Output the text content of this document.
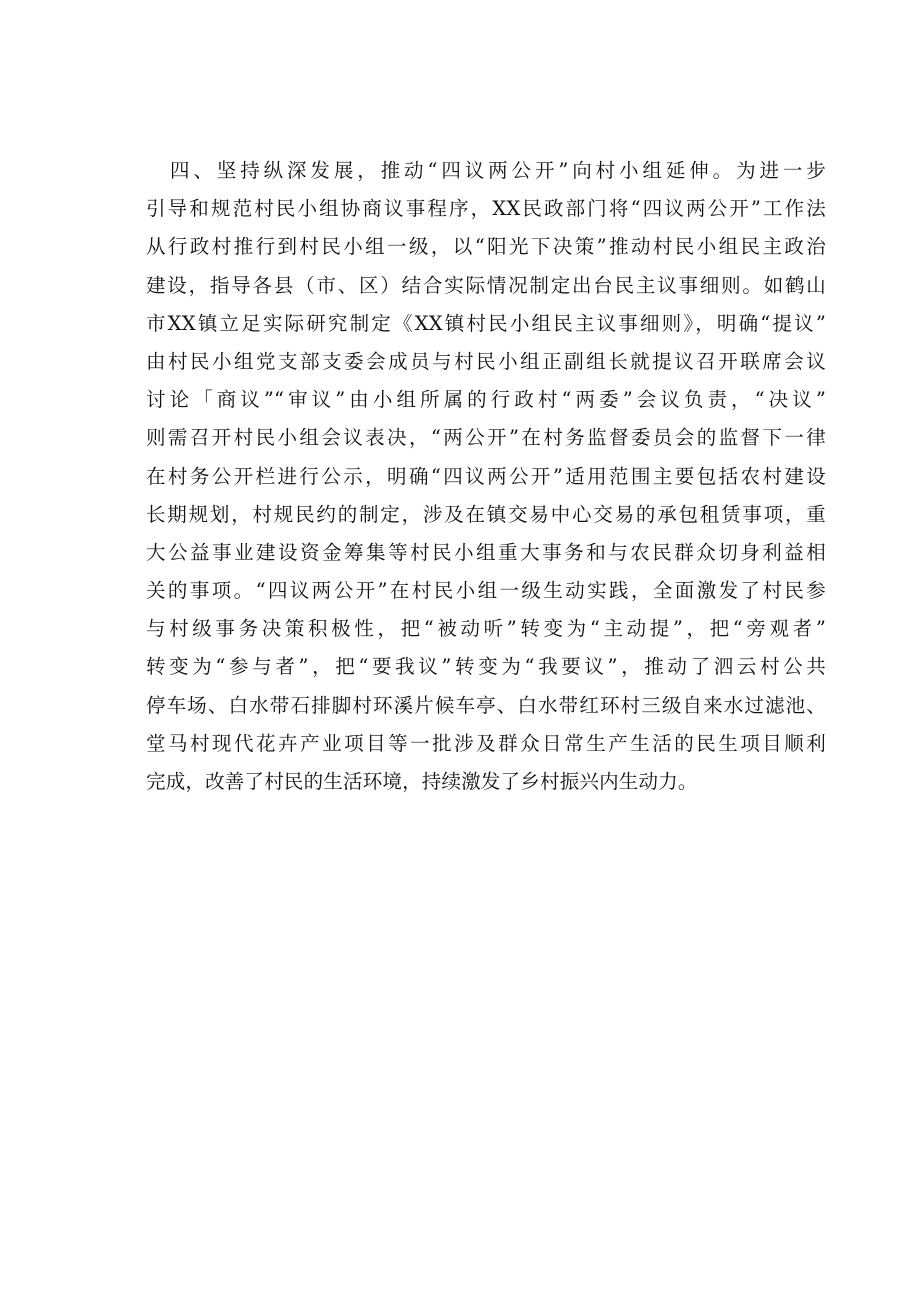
四、坚持纵深发展，推动“四议两公开”向村小组延伸。为进一步
引导和规范村民小组协商议事程序，XX民政部门将“四议两公开”工作法
从行政村推行到村民小组一级，以“阳光下决策”推动村民小组民主政治
建设，指导各县（市、区）结合实际情况制定出台民主议事细则。如鹤山
市XX镇立足实际研究制定《XX镇村民小组民主议事细则》，明确“提议”
由村民小组党支部支委会成员与村民小组正副组长就提议召开联席会议
讨论「商议”“审议”由小组所属的行政村“两委”会议负责，“决议”
则需召开村民小组会议表决，“两公开”在村务监督委员会的监督下一律
在村务公开栏进行公示，明确“四议两公开”适用范围主要包括农村建设
长期规划，村规民约的制定，涉及在镇交易中心交易的承包租赁事项，重
大公益事业建设资金筹集等村民小组重大事务和与农民群众切身利益相
关的事项。“四议两公开”在村民小组一级生动实践，全面激发了村民参
与村级事务决策积极性，把“被动听”转变为“主动提”，把“旁观者”
转变为“参与者”，把“要我议”转变为“我要议”，推动了泗云村公共
停车场、白水带石排脚村环溪片候车亭、白水带红环村三级自来水过滤池、
堂马村现代花卉产业项目等一批涉及群众日常生产生活的民生项目顺利
完成，改善了村民的生活环境，持续激发了乡村振兴内生动力。
